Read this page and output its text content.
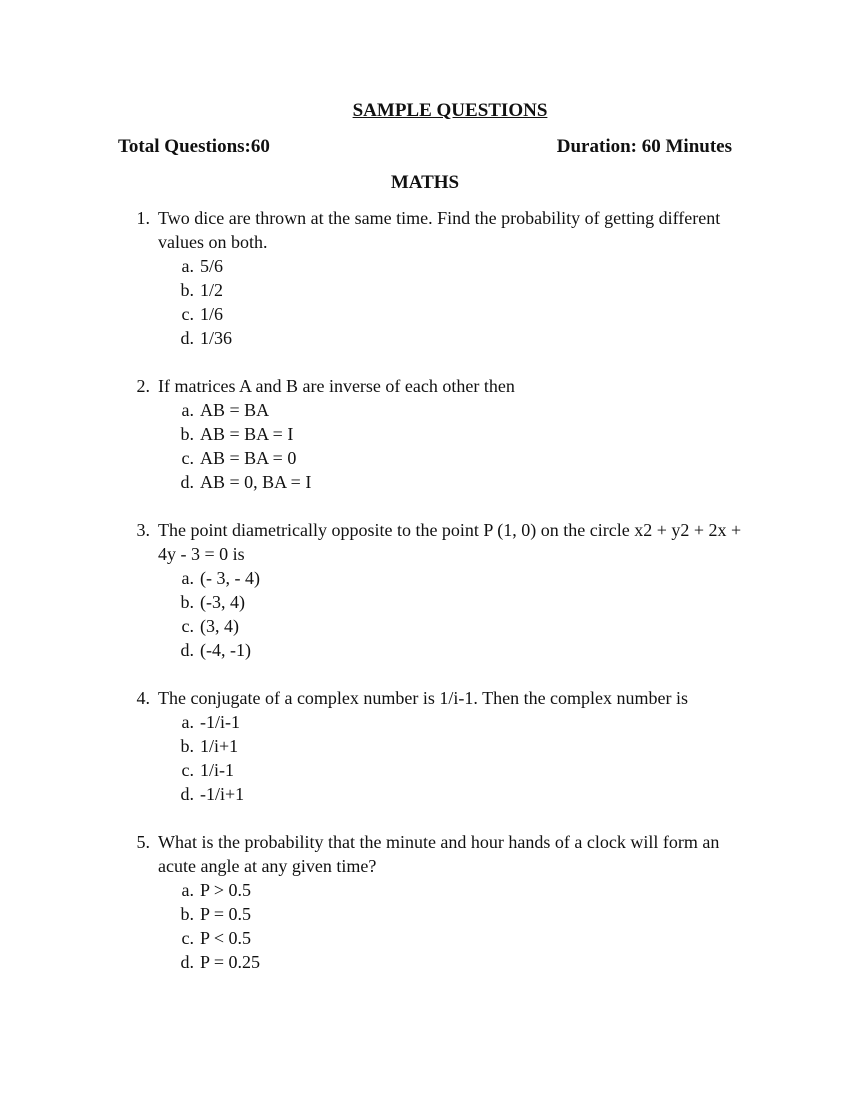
SAMPLE QUESTIONS
Total Questions:60	Duration: 60 Minutes
MATHS
1. Two dice are thrown at the same time. Find the probability of getting different values on both.
a. 5/6
b. 1/2
c. 1/6
d. 1/36
2. If matrices A and B are inverse of each other then
a. AB = BA
b. AB = BA = I
c. AB = BA = 0
d. AB = 0, BA = I
3. The point diametrically opposite to the point P (1, 0) on the circle x2 + y2 + 2x + 4y - 3 = 0 is
a. (- 3, - 4)
b. (-3, 4)
c. (3, 4)
d. (-4, -1)
4. The conjugate of a complex number is 1/i-1. Then the complex number is
a. -1/i-1
b. 1/i+1
c. 1/i-1
d. -1/i+1
5. What is the probability that the minute and hour hands of a clock will form an acute angle at any given time?
a. P > 0.5
b. P = 0.5
c. P < 0.5
d. P = 0.25
